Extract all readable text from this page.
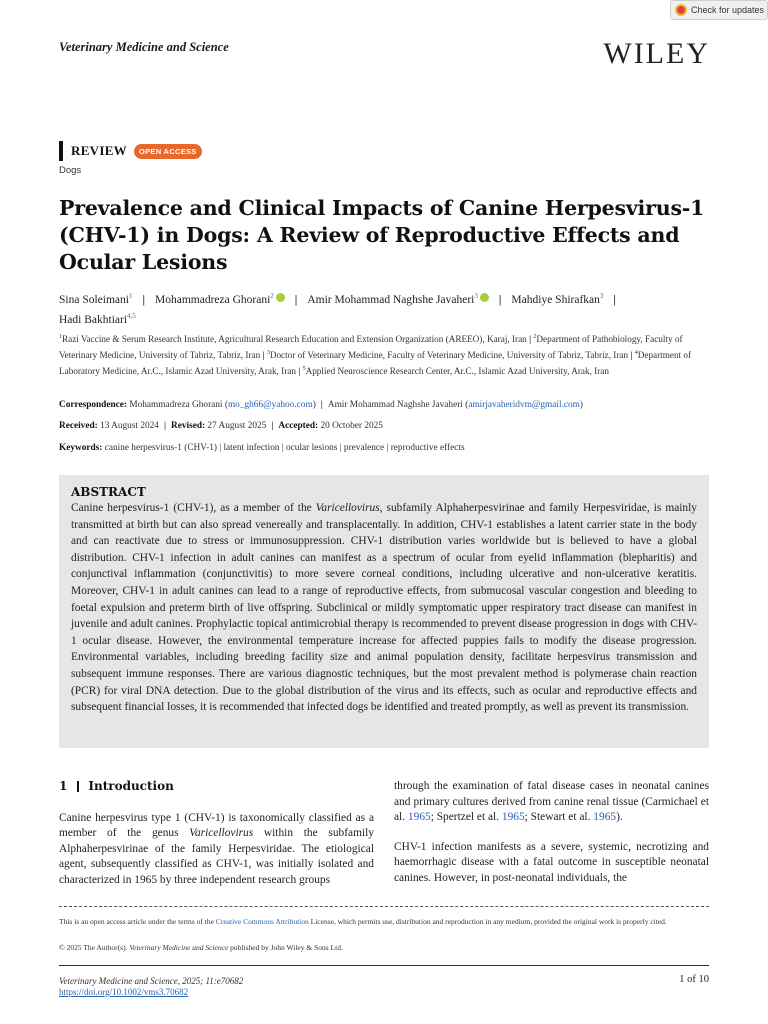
Check for updates
Veterinary Medicine and Science	WILEY
REVIEW	OPEN ACCESS
Dogs
Prevalence and Clinical Impacts of Canine Herpesvirus-1 (CHV-1) in Dogs: A Review of Reproductive Effects and Ocular Lesions
Sina Soleimani$^1$ | Mohammadreza Ghorani$^2$ | Amir Mohammad Naghshe Javaheri$^3$ | Mahdiye Shirafkan$^3$ |
Hadi Bakhtiari$^{4,5}$
$^1$Razi Vaccine & Serum Research Institute, Agricultural Research Education and Extension Organization (AREEO), Karaj, Iran | $^2$Department of Pathobiology, Faculty of Veterinary Medicine, University of Tabriz, Tabriz, Iran | $^3$Doctor of Veterinary Medicine, Faculty of Veterinary Medicine, University of Tabriz, Tabriz, Iran | $^4$Department of Laboratory Medicine, Ar.C., Islamic Azad University, Arak, Iran | $^5$Applied Neuroscience Research Center, Ar.C., Islamic Azad University, Arak, Iran
Correspondence: Mohammadreza Ghorani (mo_gh66@yahoo.com) | Amir Mohammad Naghshe Javaheri (amirjavaheridvm@gmail.com)
Received: 13 August 2024 | Revised: 27 August 2025 | Accepted: 20 October 2025
Keywords: canine herpesvirus-1 (CHV-1) | latent infection | ocular lesions | prevalence | reproductive effects
ABSTRACT

Canine herpesvirus-1 (CHV-1), as a member of the Varicellovirus, subfamily Alphaherpesvirinae and family Herpesviridae, is mainly transmitted at birth but can also spread venereally and transplacentally. In addition, CHV-1 establishes a latent carrier state in the body and can reactivate due to stress or immunosuppression. CHV-1 distribution varies worldwide but is believed to have a global distribution. CHV-1 infection in adult canines can manifest as a spectrum of ocular from eyelid inflammation (blepharitis) and conjunctival inflammation (conjunctivitis) to more severe corneal conditions, including ulcerative and non-ulcerative keratitis. Moreover, CHV-1 in adult canines can lead to a range of reproductive effects, from submucosal vascular congestion and bleeding to foetal expulsion and preterm birth of live offspring. Subclinical or mildly symptomatic upper respiratory tract disease can manifest in juvenile and adult canines. Prophylactic topical antimicrobial therapy is recommended to prevent disease progression in dogs with CHV-1 ocular disease. However, the environmental temperature increase for affected puppies fails to modify the disease progression. Environmental variables, including breeding facility size and animal population density, facilitate herpesvirus transmission and subsequent immune responses. There are various diagnostic techniques, but the most prevalent method is polymerase chain reaction (PCR) for viral DNA detection. Due to the global distribution of the virus and its effects, such as ocular and reproductive effects and subsequent financial losses, it is recommended that infected dogs be identified and treated promptly, as well as prevent its transmission.

1 Introduction

Canine herpesvirus type 1 (CHV-1) is taxonomically classified as a member of the genus Varicellovirus within the subfamily Alphaherpesvirinae of the family Herpesviridae. The etiological agent, subsequently classified as CHV-1, was initially isolated and characterized in 1965 by three independent research groups

through the examination of fatal disease cases in neonatal canines and primary cultures derived from canine renal tissue (Carmichael et al. 1965; Spertzel et al. 1965; Stewart et al. 1965).

CHV-1 infection manifests as a severe, systemic, necrotizing and haemorrhagic disease with a fatal outcome in susceptible neonatal canines. However, in post-neonatal individuals, the

This is an open access article under the terms of the Creative Commons Attribution License, which permits use, distribution and reproduction in any medium, provided the original work is properly cited.
© 2025 The Author(s). Veterinary Medicine and Science published by John Wiley & Sons Ltd.
Veterinary Medicine and Science, 2025; 11:e70682
https://doi.org/10.1002/vms3.70682
1 of 10
